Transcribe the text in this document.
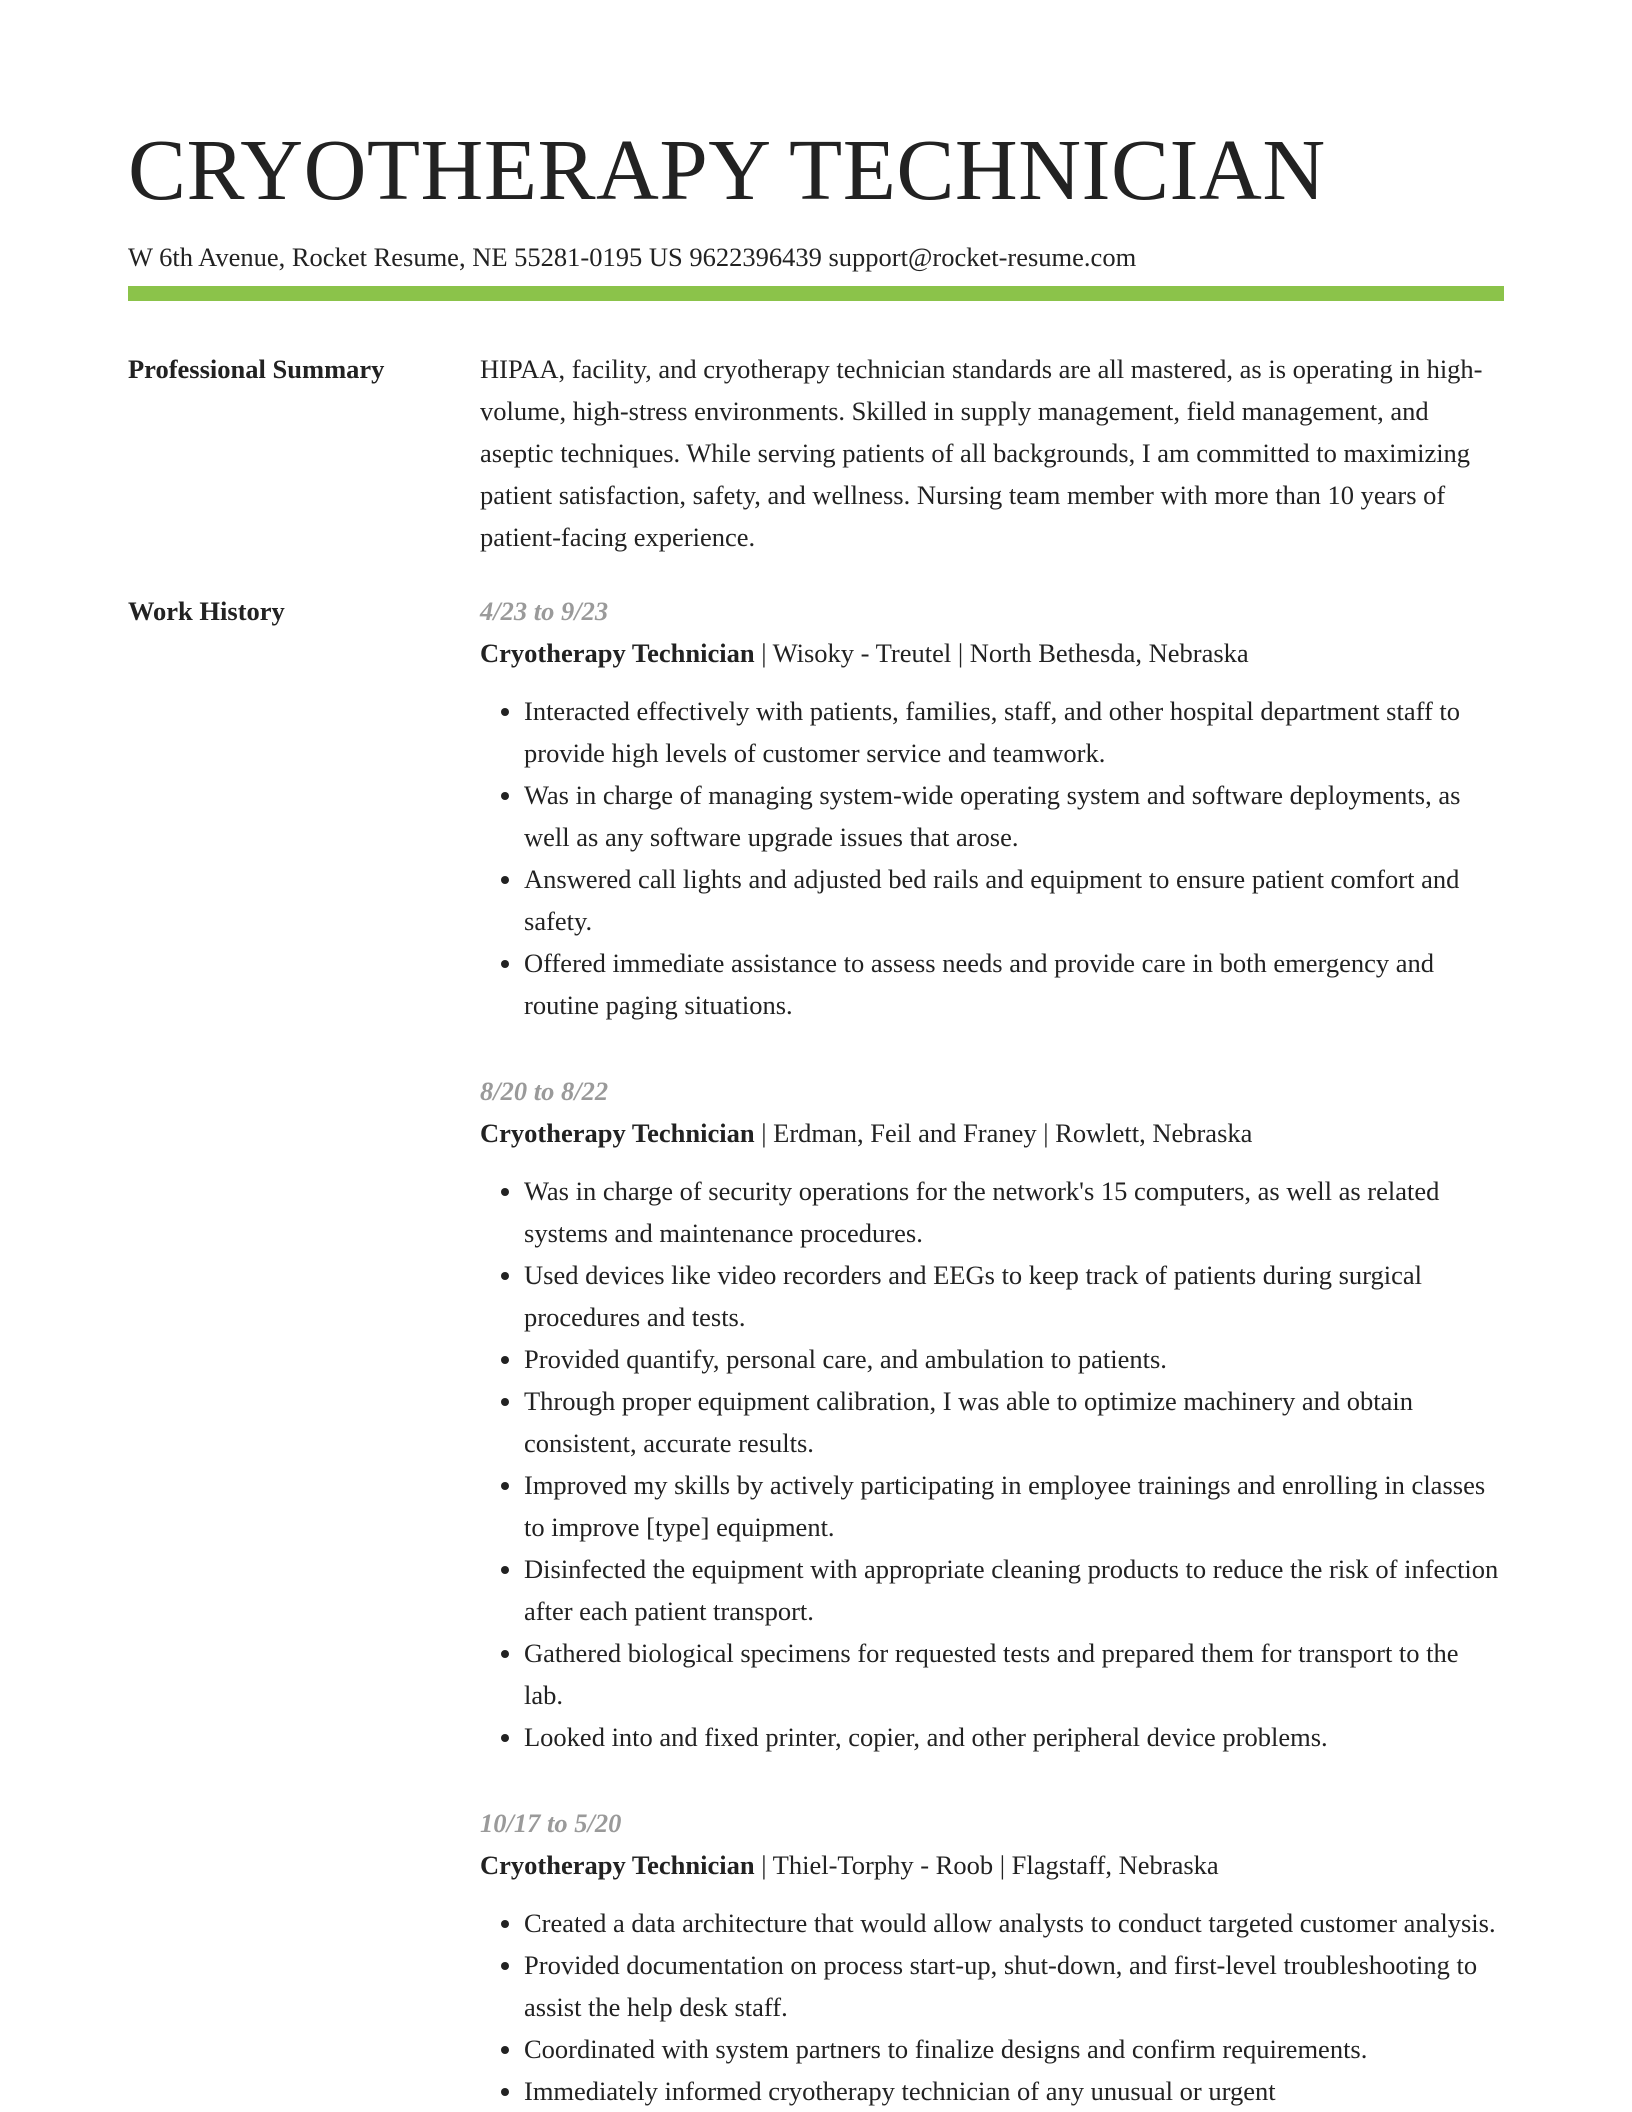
CRYOTHERAPY TECHNICIAN
W 6th Avenue, Rocket Resume, NE 55281-0195 US 9622396439 support@rocket-resume.com
Professional Summary	HIPAA, facility, and cryotherapy technician standards are all mastered, as is operating in high-volume, high-stress environments. Skilled in supply management, field management, and aseptic techniques. While serving patients of all backgrounds, I am committed to maximizing patient satisfaction, safety, and wellness. Nursing team member with more than 10 years of patient-facing experience.

Work History	4/23 to 9/23
Cryotherapy Technician | Wisoky - Treutel | North Bethesda, Nebraska
• Interacted effectively with patients, families, staff, and other hospital department staff to provide high levels of customer service and teamwork.
• Was in charge of managing system-wide operating system and software deployments, as well as any software upgrade issues that arose.
• Answered call lights and adjusted bed rails and equipment to ensure patient comfort and safety.
• Offered immediate assistance to assess needs and provide care in both emergency and routine paging situations.
8/20 to 8/22
Cryotherapy Technician | Erdman, Feil and Franey | Rowlett, Nebraska
• Was in charge of security operations for the network's 15 computers, as well as related systems and maintenance procedures.
• Used devices like video recorders and EEGs to keep track of patients during surgical procedures and tests.
• Provided quantify, personal care, and ambulation to patients.
• Through proper equipment calibration, I was able to optimize machinery and obtain consistent, accurate results.
• Improved my skills by actively participating in employee trainings and enrolling in classes to improve [type] equipment.
• Disinfected the equipment with appropriate cleaning products to reduce the risk of infection after each patient transport.
• Gathered biological specimens for requested tests and prepared them for transport to the lab.
• Looked into and fixed printer, copier, and other peripheral device problems.
10/17 to 5/20
Cryotherapy Technician | Thiel-Torphy - Roob | Flagstaff, Nebraska
• Created a data architecture that would allow analysts to conduct targeted customer analysis.
• Provided documentation on process start-up, shut-down, and first-level troubleshooting to assist the help desk staff.
• Coordinated with system partners to finalize designs and confirm requirements.
• Immediately informed cryotherapy technician of any unusual or urgent
